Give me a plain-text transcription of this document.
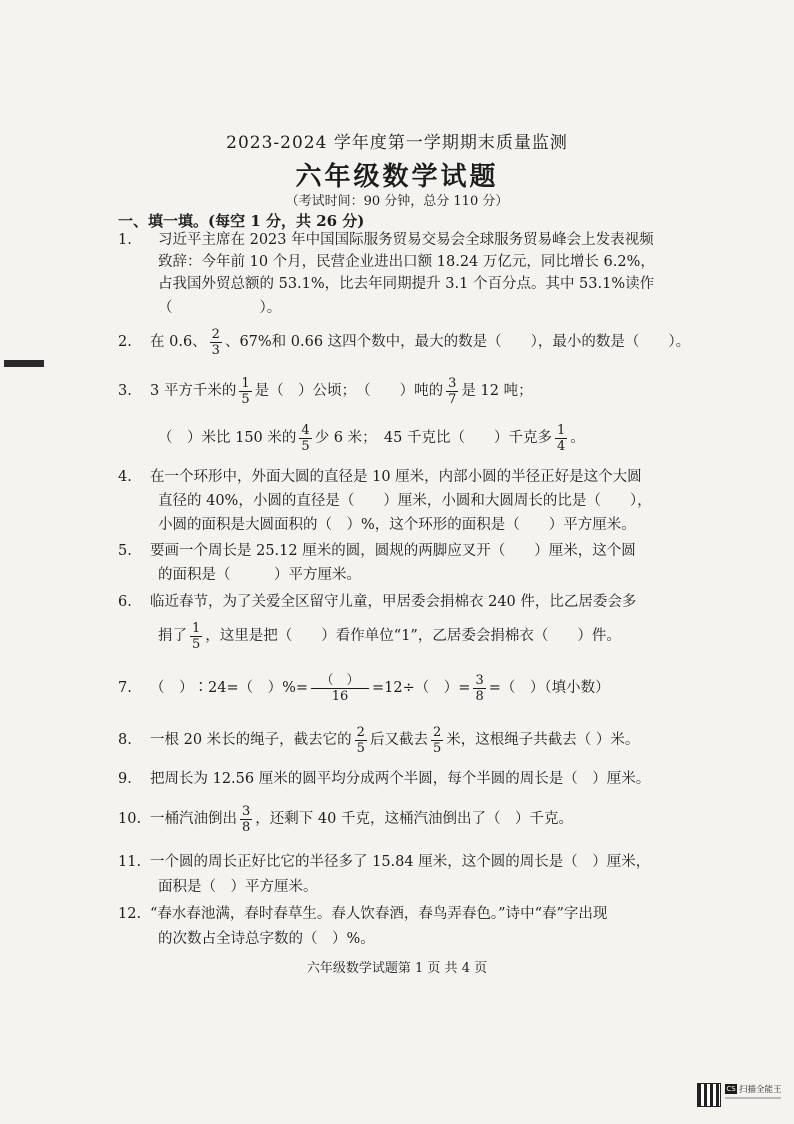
2023-2024 学年度第一学期期末质量监测
六年级数学试题
（考试时间：90 分钟，总分 110 分）
一、填一填。(每空 1 分，共 26 分)
1. 习近平主席在 2023 年中国国际服务贸易交易会全球服务贸易峰会上发表视频
致辞：今年前 10 个月，民营企业进出口额 18.24 万亿元，同比增长 6.2%，
占我国外贸总额的 53.1%，比去年同期提升 3.1 个百分点。其中 53.1%读作
（　　　　　　）。
2. 在 0.6、 $\frac{2}{3}$ 、67%和 0.66 这四个数中，最大的数是（　　），最小的数是（　　）。
3. 3 平方千米的 $\frac{1}{5}$ 是（　）公顷；　（　　）吨的 $\frac{3}{7}$ 是 12 吨；
（　）米比 150 米的 $\frac{4}{5}$ 少 6 米；　45 千克比（　　）千克多 $\frac{1}{4}$ 。
4. 在一个环形中，外面大圆的直径是 10 厘米，内部小圆的半径正好是这个大圆
直径的 40%，小圆的直径是（　　）厘米，小圆和大圆周长的比是（　　），
小圆的面积是大圆面积的（　）%，这个环形的面积是（　　）平方厘米。
5. 要画一个周长是 25.12 厘米的圆，圆规的两脚应叉开（　　）厘米，这个圆
的面积是（　　　）平方厘米。
6. 临近春节，为了关爱全区留守儿童，甲居委会捐棉衣 240 件，比乙居委会多
捐了 $\frac{1}{5}$ ，这里是把（　　）看作单位“1”，乙居委会捐棉衣（　　）件。
7. （　）∶24=（　）%= $\frac{( )}{16} =12\div$（　）= $\frac{3}{8}$ =（　）（填小数）
8. 一根 20 米长的绳子，截去它的 $\frac{2}{5}$ 后又截去 $\frac{2}{5}$ 米，这根绳子共截去（ ）米。
9. 把周长为 12.56 厘米的圆平均分成两个半圆，每个半圆的周长是（　）厘米。
10. 一桶汽油倒出 $\frac{3}{8}$ ，还剩下 40 千克，这桶汽油倒出了（　）千克。
11. 一个圆的周长正好比它的半径多了 15.84 厘米，这个圆的周长是（　）厘米，
面积是（　）平方厘米。
12. “春水春池满，春时春草生。春人饮春酒，春鸟弄春色。”诗中“春”字出现
的次数占全诗总字数的（　）%。
六年级数学试题第 1 页 共 4 页
CS 扫描全能王
